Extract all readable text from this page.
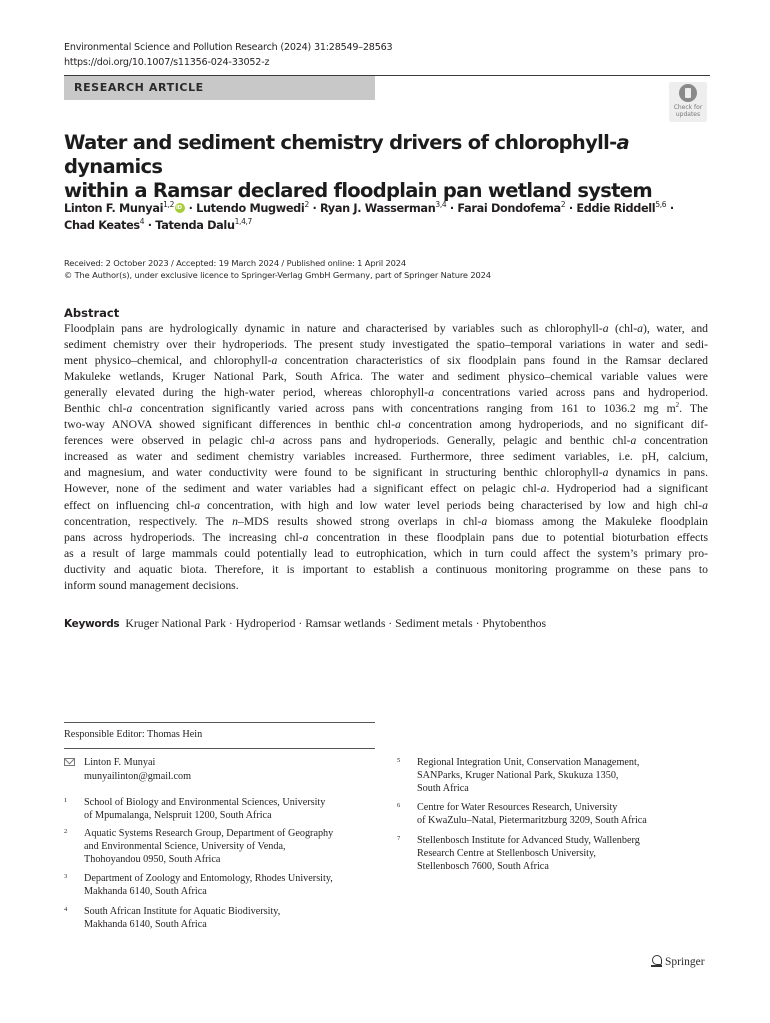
Environmental Science and Pollution Research (2024) 31:28549–28563
https://doi.org/10.1007/s11356-024-33052-z
RESEARCH ARTICLE
Check for
updates
Water and sediment chemistry drivers of chlorophyll-a dynamics
within a Ramsar declared floodplain pan wetland system
Linton F. Munyai$^{1,2}$iD · Lutendo Mugwedi$^2$ · Ryan J. Wasserman$^{3,4}$ · Farai Dondofema$^2$ · Eddie Riddell$^{5,6}$ ·
Chad Keates$^4$ · Tatenda Dalu$^{1,4,7}$
Received: 2 October 2023 / Accepted: 19 March 2024 / Published online: 1 April 2024
© The Author(s), under exclusive licence to Springer-Verlag GmbH Germany, part of Springer Nature 2024
Abstract
Floodplain pans are hydrologically dynamic in nature and characterised by variables such as chlorophyll-a (chl-a), water, and
sediment chemistry over their hydroperiods. The present study investigated the spatio–temporal variations in water and sedi-
ment physico–chemical, and chlorophyll-a concentration characteristics of six floodplain pans found in the Ramsar declared
Makuleke wetlands, Kruger National Park, South Africa. The water and sediment physico–chemical variable values were
generally elevated during the high-water period, whereas chlorophyll-a concentrations varied across pans and hydroperiod.
Benthic chl-a concentration significantly varied across pans with concentrations ranging from 161 to 1036.2 mg $m^2$. The
two-way ANOVA showed significant differences in benthic chl-a concentration among hydroperiods, and no significant dif-
ferences were observed in pelagic chl-a across pans and hydroperiods. Generally, pelagic and benthic chl-a concentration
increased as water and sediment chemistry variables increased. Furthermore, three sediment variables, i.e. pH, calcium,
and magnesium, and water conductivity were found to be significant in structuring benthic chlorophyll-a dynamics in pans.
However, none of the sediment and water variables had a significant effect on pelagic chl-a. Hydroperiod had a significant
effect on influencing chl-a concentration, with high and low water level periods being characterised by low and high chl-a
concentration, respectively. The n–MDS results showed strong overlaps in chl-a biomass among the Makuleke floodplain
pans across hydroperiods. The increasing chl-a concentration in these floodplain pans due to potential bioturbation effects
as a result of large mammals could potentially lead to eutrophication, which in turn could affect the system’s primary pro-
ductivity and aquatic biota. Therefore, it is important to establish a continuous monitoring programme on these pans to
inform sound management decisions.
Keywords Kruger National Park · Hydroperiod · Ramsar wetlands · Sediment metals · Phytobenthos
Responsible Editor: Thomas Hein
Linton F. Munyai
munyailinton@gmail.com
1 School of Biology and Environmental Sciences, University
of Mpumalanga, Nelspruit 1200, South Africa
2 Aquatic Systems Research Group, Department of Geography
and Environmental Science, University of Venda,
Thohoyandou 0950, South Africa
3 Department of Zoology and Entomology, Rhodes University,
Makhanda 6140, South Africa
4 South African Institute for Aquatic Biodiversity,
Makhanda 6140, South Africa
5 Regional Integration Unit, Conservation Management,
SANParks, Kruger National Park, Skukuza 1350,
South Africa
6 Centre for Water Resources Research, University
of KwaZulu–Natal, Pietermaritzburg 3209, South Africa
7 Stellenbosch Institute for Advanced Study, Wallenberg
Research Centre at Stellenbosch University,
Stellenbosch 7600, South Africa
Springer
